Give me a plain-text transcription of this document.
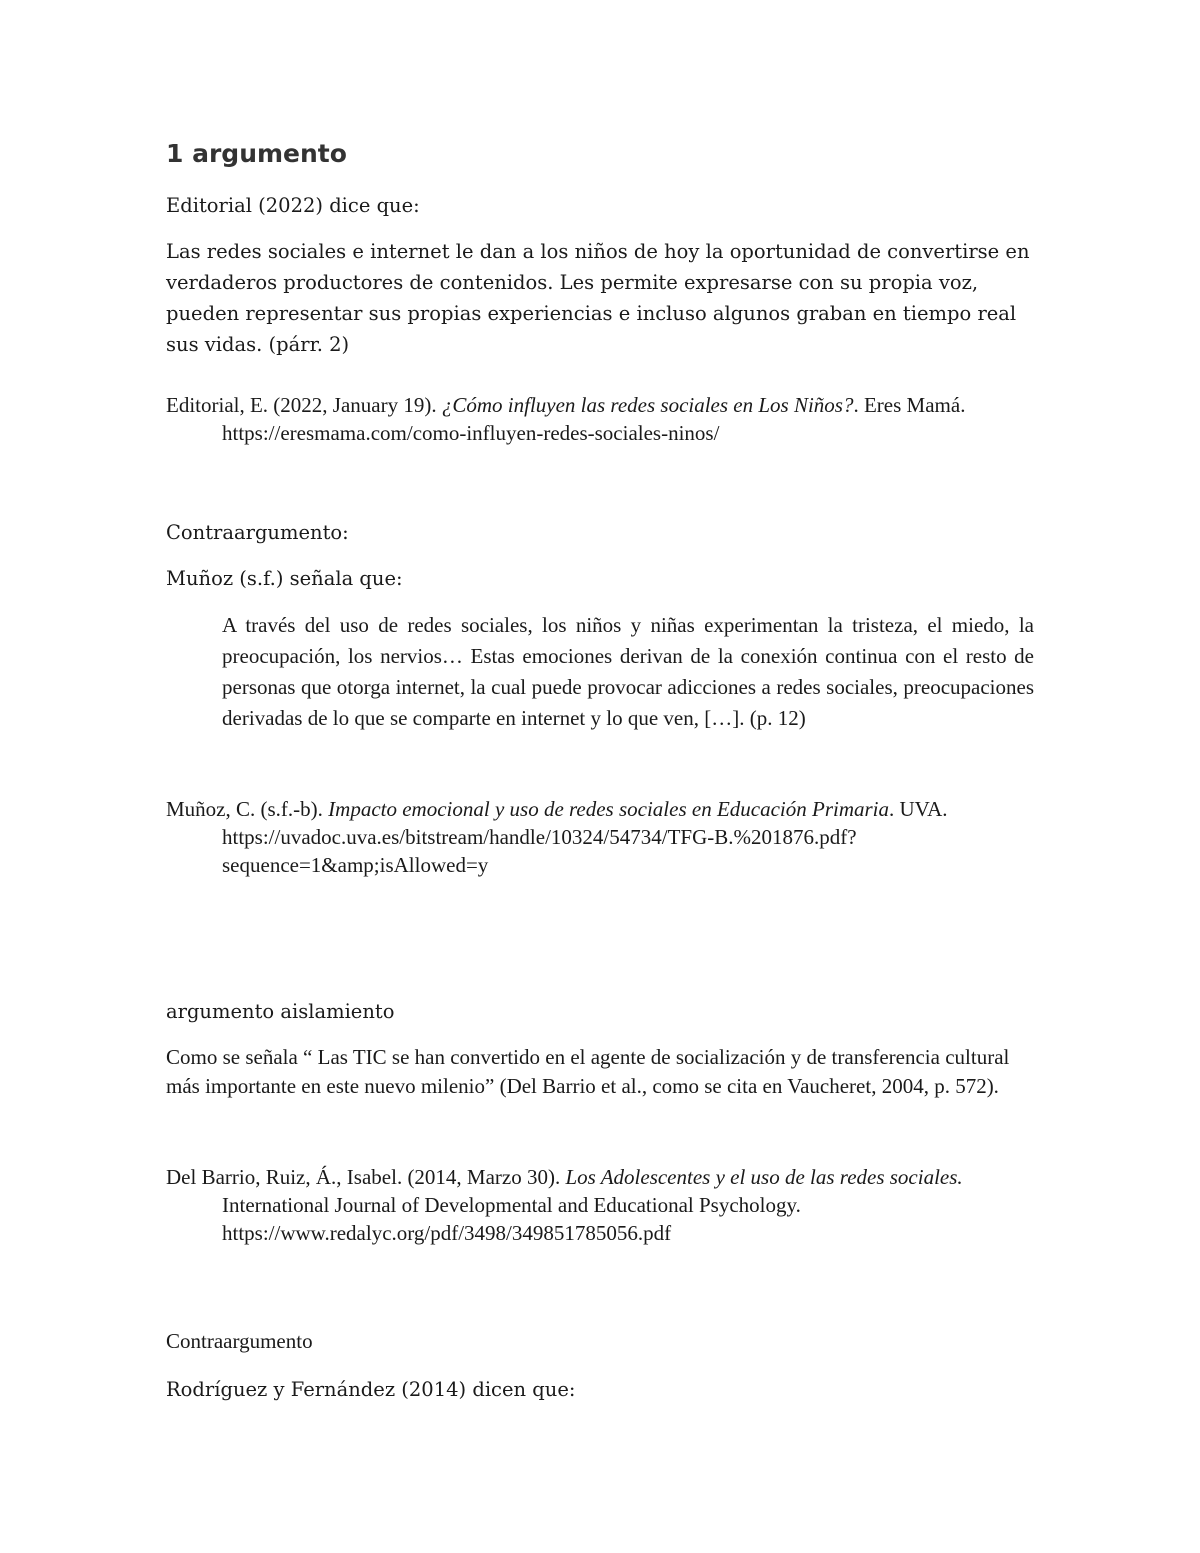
1 argumento

Editorial (2022) dice que:

Las redes sociales e internet le dan a los niños de hoy la oportunidad de convertirse en verdaderos productores de contenidos. Les permite expresarse con su propia voz, pueden representar sus propias experiencias e incluso algunos graban en tiempo real sus vidas. (párr. 2)

Editorial, E. (2022, January 19). ¿Cómo influyen las redes sociales en Los Niños?. Eres Mamá. https://eresmama.com/como-influyen-redes-sociales-ninos/

Contraargumento:

Muñoz (s.f.) señala que:

A través del uso de redes sociales, los niños y niñas experimentan la tristeza, el miedo, la preocupación, los nervios… Estas emociones derivan de la conexión continua con el resto de personas que otorga internet, la cual puede provocar adicciones a redes sociales, preocupaciones derivadas de lo que se comparte en internet y lo que ven, […]. (p. 12)

Muñoz, C. (s.f.-b). Impacto emocional y uso de redes sociales en Educación Primaria. UVA. https://uvadoc.uva.es/bitstream/handle/10324/54734/TFG-B.%201876.pdf?sequence=1&amp;isAllowed=y

argumento aislamiento

Como se señala “ Las TIC se han convertido en el agente de socialización y de transferencia cultural más importante en este nuevo milenio” (Del Barrio et al., como se cita en Vaucheret, 2004, p. 572).

Del Barrio, Ruiz, Á., Isabel. (2014, Marzo 30). Los Adolescentes y el uso de las redes sociales. International Journal of Developmental and Educational Psychology. https://www.redalyc.org/pdf/3498/349851785056.pdf

Contraargumento

Rodríguez y Fernández (2014) dicen que:
